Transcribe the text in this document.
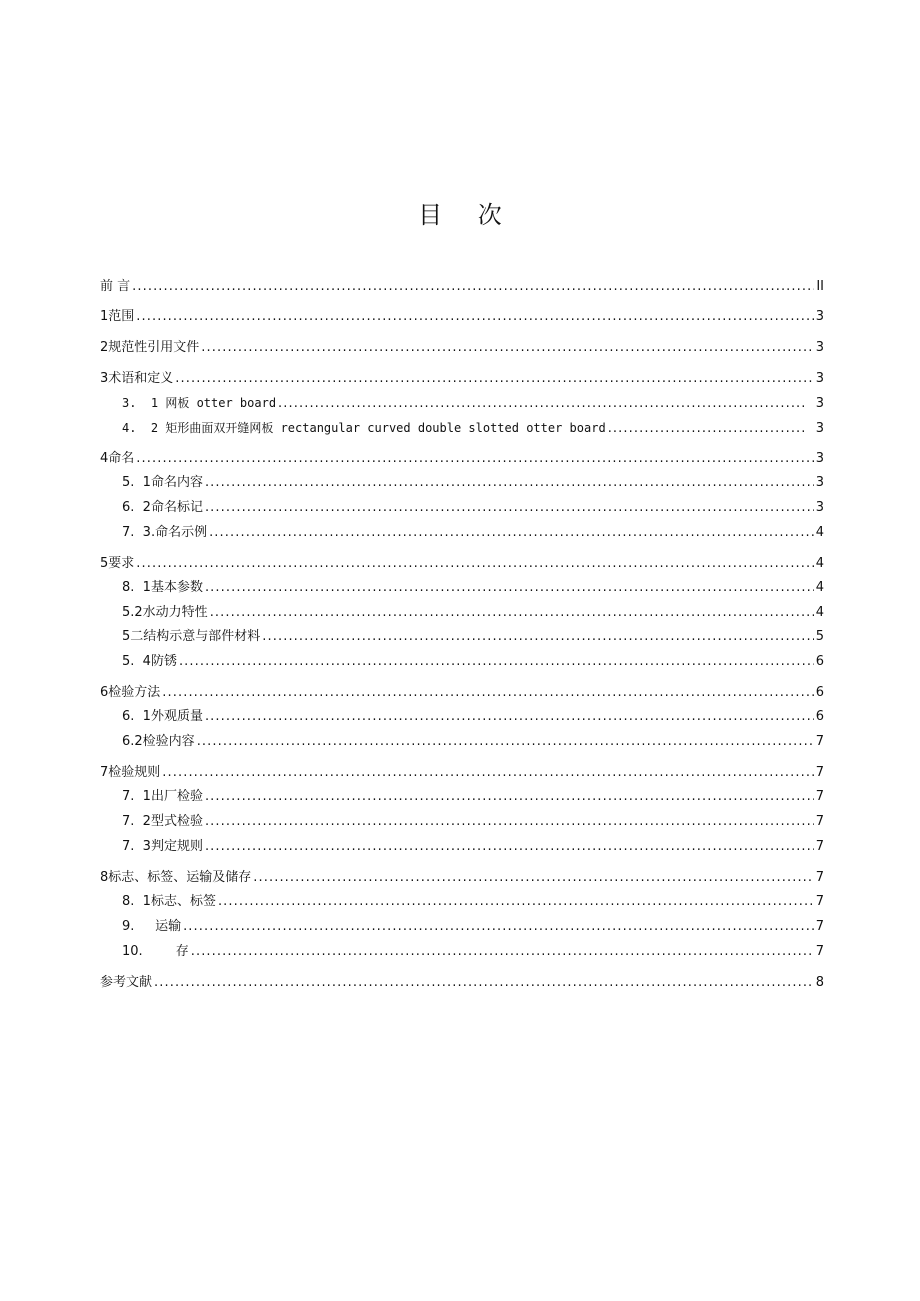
目 次
前 言 .....	II
1范围 .....	3
2规范性引用文件 .....	3
3术语和定义 .....	3
3.  1 网板 otter board .....	3
4.  2 矩形曲面双开缝网板 rectangular curved double slotted otter board .....	3
4命名 .....	3
5.  1命名内容 .....	3
6.  2命名标记 .....	3
7.  3.命名示例 .....	4
5要求 .....	4
8.  1基本参数 .....	4
5.2水动力特性 .....	4
5二结构示意与部件材料 .....	5
5.  4防锈 .....	6
6检验方法 .....	6
6.  1外观质量 .....	6
6.2检验内容 .....	7
7检验规则 .....	7
7.  1出厂检验 .....	7
7.  2型式检验 .....	7
7.  3判定规则 .....	7
8标志、标签、运输及储存 .....	7
8.  1标志、标签 .....	7
9.     运输 .....	7
10.        存 .....	7
参考文献 .....	8
